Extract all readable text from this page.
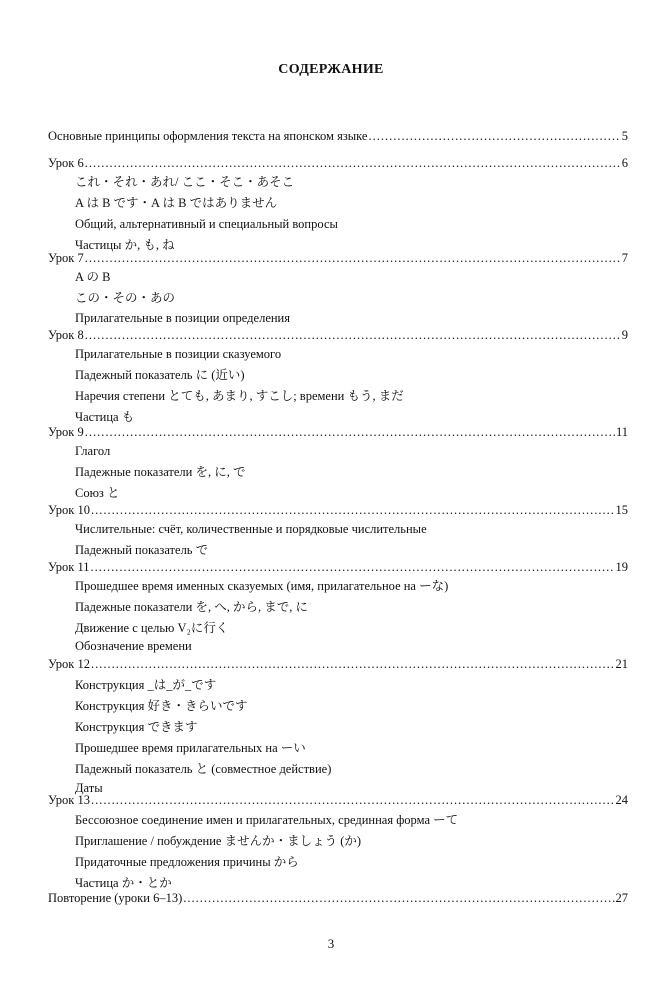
СОДЕРЖАНИЕ
Основные принципы оформления текста на японском языке .....	5
Урок 6 .....	6
これ・それ・あれ/ ここ・そこ・あそこ
A は B です・A は B ではありません
Общий, альтернативный и специальный вопросы
Частицы か, も, ね
Урок 7 .....	7
A の B
この・その・あの
Прилагательные в позиции определения
Урок 8 .....	9
Прилагательные в позиции сказуемого
Падежный показатель に (近い)
Наречия степени とても, あまり, すこし; времени もう, まだ
Частица も
Урок 9 .....	11
Глагол
Падежные показатели を, に, で
Союз と
Урок 10 .....	15
Числительные: счёт, количественные и порядковые числительные
Падежный показатель で
Урок 11 .....	19
Прошедшее время именных сказуемых (имя, прилагательное на ーな)
Падежные показатели を, へ, から, まで, に
Движение с целью V₂に行く
Обозначение времени
Урок 12 .....	21
Конструкция _は_が_です
Конструкция 好き・きらいです
Конструкция できます
Прошедшее время прилагательных на ーい
Падежный показатель と (совместное действие)
Даты
Урок 13 .....	24
Бессоюзное соединение имен и прилагательных, срединная форма ーて
Приглашение / побуждение ませんか・ましょう (か)
Придаточные предложения причины から
Частица か・とか
Повторение (уроки 6–13) .....	27
3
